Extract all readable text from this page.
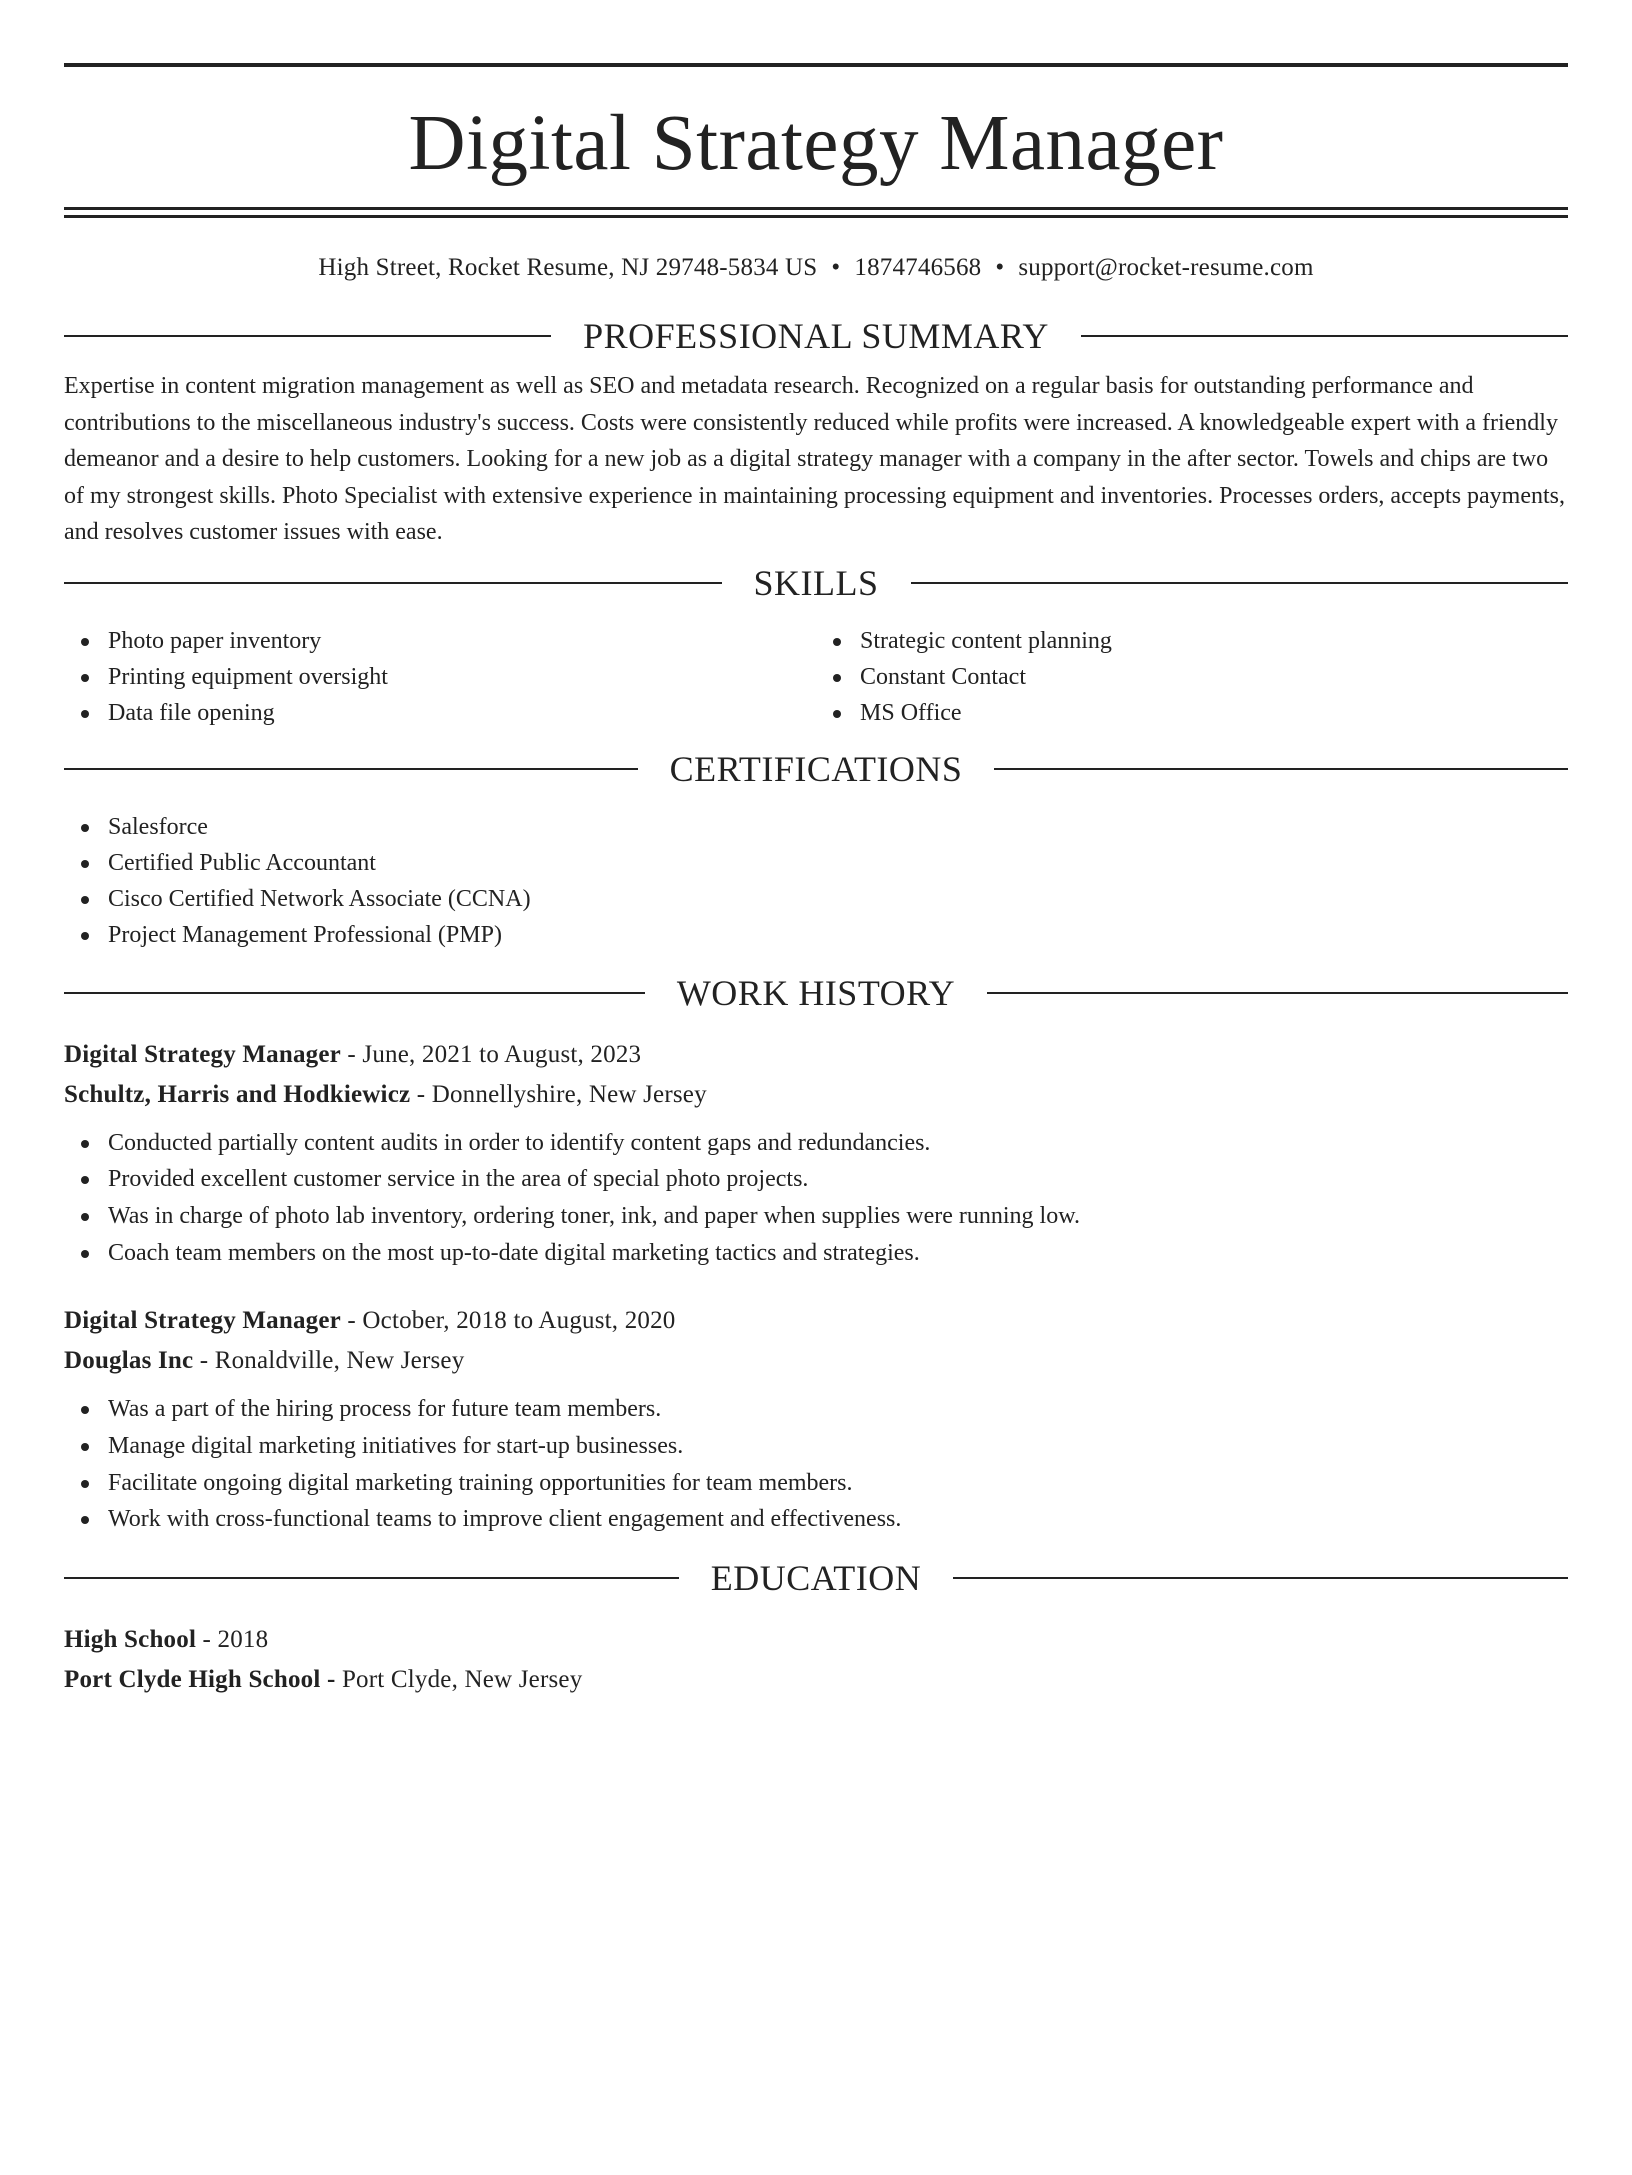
Digital Strategy Manager
High Street, Rocket Resume, NJ 29748-5834 US • 1874746568 • support@rocket-resume.com
PROFESSIONAL SUMMARY

Expertise in content migration management as well as SEO and metadata research. Recognized on a regular basis for outstanding performance and contributions to the miscellaneous industry's success. Costs were consistently reduced while profits were increased. A knowledgeable expert with a friendly demeanor and a desire to help customers. Looking for a new job as a digital strategy manager with a company in the after sector. Towels and chips are two of my strongest skills. Photo Specialist with extensive experience in maintaining processing equipment and inventories. Processes orders, accepts payments, and resolves customer issues with ease.

SKILLS
Photo paper inventory
Printing equipment oversight
Data file opening
Strategic content planning
Constant Contact
MS Office
CERTIFICATIONS
Salesforce
Certified Public Accountant
Cisco Certified Network Associate (CCNA)
Project Management Professional (PMP)
WORK HISTORY
Digital Strategy Manager - June, 2021 to August, 2023
Schultz, Harris and Hodkiewicz - Donnellyshire, New Jersey
Conducted partially content audits in order to identify content gaps and redundancies.
Provided excellent customer service in the area of special photo projects.
Was in charge of photo lab inventory, ordering toner, ink, and paper when supplies were running low.
Coach team members on the most up-to-date digital marketing tactics and strategies.
Digital Strategy Manager - October, 2018 to August, 2020
Douglas Inc - Ronaldville, New Jersey
Was a part of the hiring process for future team members.
Manage digital marketing initiatives for start-up businesses.
Facilitate ongoing digital marketing training opportunities for team members.
Work with cross-functional teams to improve client engagement and effectiveness.
EDUCATION
High School - 2018
Port Clyde High School - Port Clyde, New Jersey
